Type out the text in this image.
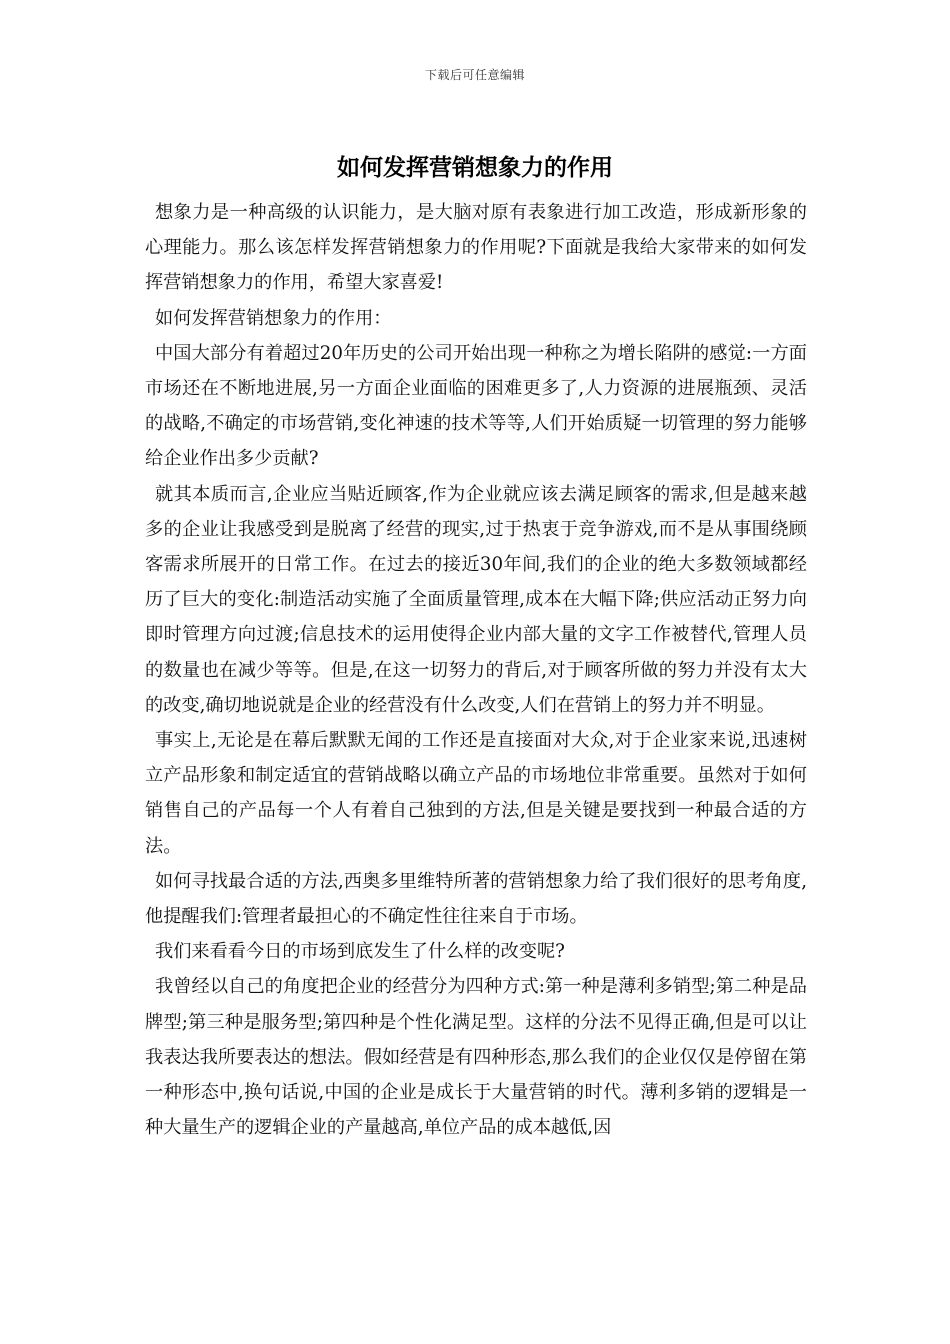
下载后可任意编辑
如何发挥营销想象力的作用

想象力是一种高级的认识能力，是大脑对原有表象进行加工改造，形成新形象的心理能力。那么该怎样发挥营销想象力的作用呢?下面就是我给大家带来的如何发挥营销想象力的作用，希望大家喜爱!

如何发挥营销想象力的作用：

中国大部分有着超过20年历史的公司开始出现一种称之为增长陷阱的感觉:一方面市场还在不断地进展,另一方面企业面临的困难更多了,人力资源的进展瓶颈、灵活的战略,不确定的市场营销,变化神速的技术等等,人们开始质疑一切管理的努力能够给企业作出多少贡献?

就其本质而言,企业应当贴近顾客,作为企业就应该去满足顾客的需求,但是越来越多的企业让我感受到是脱离了经营的现实,过于热衷于竞争游戏,而不是从事围绕顾客需求所展开的日常工作。在过去的接近30年间,我们的企业的绝大多数领域都经历了巨大的变化:制造活动实施了全面质量管理,成本在大幅下降;供应活动正努力向即时管理方向过渡;信息技术的运用使得企业内部大量的文字工作被替代,管理人员的数量也在减少等等。但是,在这一切努力的背后,对于顾客所做的努力并没有太大的改变,确切地说就是企业的经营没有什么改变,人们在营销上的努力并不明显。

事实上,无论是在幕后默默无闻的工作还是直接面对大众,对于企业家来说,迅速树立产品形象和制定适宜的营销战略以确立产品的市场地位非常重要。虽然对于如何销售自己的产品每一个人有着自己独到的方法,但是关键是要找到一种最合适的方法。

如何寻找最合适的方法,西奥多里维特所著的营销想象力给了我们很好的思考角度,他提醒我们:管理者最担心的不确定性往往来自于市场。

我们来看看今日的市场到底发生了什么样的改变呢?

我曾经以自己的角度把企业的经营分为四种方式:第一种是薄利多销型;第二种是品牌型;第三种是服务型;第四种是个性化满足型。这样的分法不见得正确,但是可以让我表达我所要表达的想法。假如经营是有四种形态,那么我们的企业仅仅是停留在第一种形态中,换句话说,中国的企业是成长于大量营销的时代。薄利多销的逻辑是一种大量生产的逻辑企业的产量越高,单位产品的成本越低,因
